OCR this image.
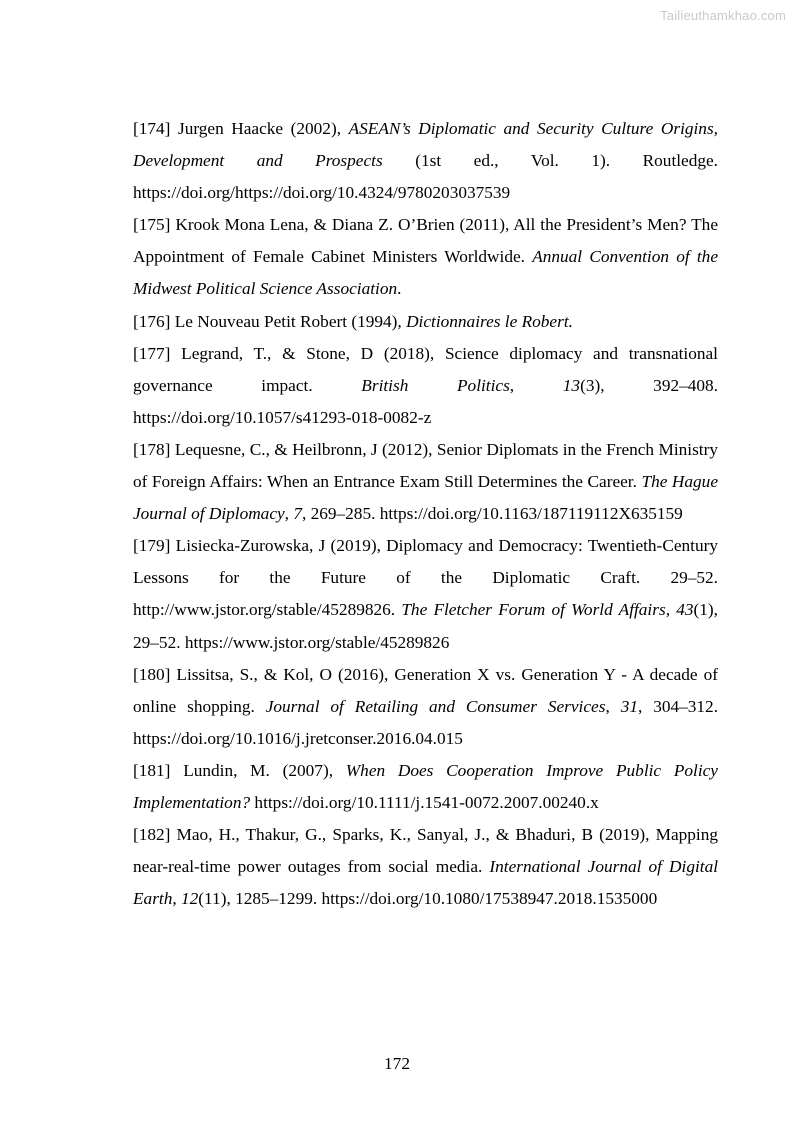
Tailieuthamkhao.com

[174] Jurgen Haacke (2002), ASEAN’s Diplomatic and Security Culture Origins, Development and Prospects (1st ed., Vol. 1). Routledge. https://doi.org/https://doi.org/10.4324/9780203037539

[175] Krook Mona Lena, & Diana Z. O’Brien (2011), All the President’s Men? The Appointment of Female Cabinet Ministers Worldwide. Annual Convention of the Midwest Political Science Association.

[176] Le Nouveau Petit Robert (1994), Dictionnaires le Robert.

[177] Legrand, T., & Stone, D (2018), Science diplomacy and transnational governance impact. British Politics, 13(3), 392–408. https://doi.org/10.1057/s41293-018-0082-z

[178] Lequesne, C., & Heilbronn, J (2012), Senior Diplomats in the French Ministry of Foreign Affairs: When an Entrance Exam Still Determines the Career. The Hague Journal of Diplomacy, 7, 269–285. https://doi.org/10.1163/187119112X635159

[179] Lisiecka-Zurowska, J (2019), Diplomacy and Democracy: Twentieth-Century Lessons for the Future of the Diplomatic Craft. 29–52. http://www.jstor.org/stable/45289826. The Fletcher Forum of World Affairs, 43(1), 29–52. https://www.jstor.org/stable/45289826

[180] Lissitsa, S., & Kol, O (2016), Generation X vs. Generation Y - A decade of online shopping. Journal of Retailing and Consumer Services, 31, 304–312. https://doi.org/10.1016/j.jretconser.2016.04.015

[181] Lundin, M. (2007), When Does Cooperation Improve Public Policy Implementation? https://doi.org/10.1111/j.1541-0072.2007.00240.x

[182] Mao, H., Thakur, G., Sparks, K., Sanyal, J., & Bhaduri, B (2019), Mapping near-real-time power outages from social media. International Journal of Digital Earth, 12(11), 1285–1299. https://doi.org/10.1080/17538947.2018.1535000

172
